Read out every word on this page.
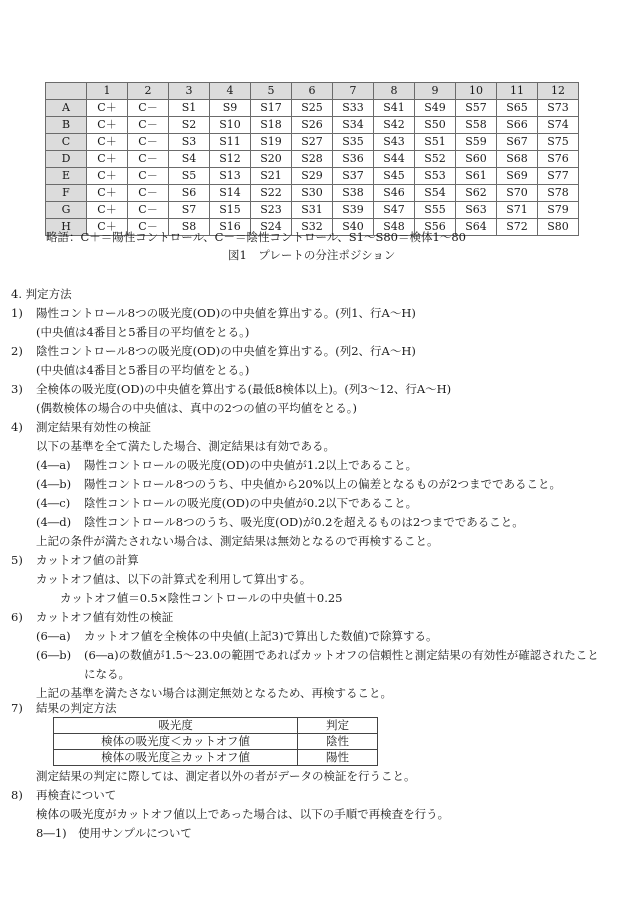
	1	2	3	4	5	6	7	8	9	10	11	12
A	C＋	C－	S1	S9	S17	S25	S33	S41	S49	S57	S65	S73
B	C＋	C－	S2	S10	S18	S26	S34	S42	S50	S58	S66	S74
C	C＋	C－	S3	S11	S19	S27	S35	S43	S51	S59	S67	S75
D	C＋	C－	S4	S12	S20	S28	S36	S44	S52	S60	S68	S76
E	C＋	C－	S5	S13	S21	S29	S37	S45	S53	S61	S69	S77
F	C＋	C－	S6	S14	S22	S30	S38	S46	S54	S62	S70	S78
G	C＋	C－	S7	S15	S23	S31	S39	S47	S55	S63	S71	S79
H	C＋	C－	S8	S16	S24	S32	S40	S48	S56	S64	S72	S80
略語：C＋＝陽性コントロール、C－＝陰性コントロール、S1～S80＝検体1～80
図1　プレートの分注ポジション
4. 判定方法
1) 陽性コントロール8つの吸光度(OD)の中央値を算出する。(列1、行A～H)
(中央値は4番目と5番目の平均値をとる。)
2) 陰性コントロール8つの吸光度(OD)の中央値を算出する。(列2、行A～H)
(中央値は4番目と5番目の平均値をとる。)
3) 全検体の吸光度(OD)の中央値を算出する(最低8検体以上)。(列3～12、行A～H)
(偶数検体の場合の中央値は、真中の2つの値の平均値をとる。)
4) 測定結果有効性の検証
以下の基準を全て満たした場合、測定結果は有効である。
(4―a) 陽性コントロールの吸光度(OD)の中央値が1.2以上であること。
(4―b) 陽性コントロール8つのうち、中央値から20%以上の偏差となるものが2つまでであること。
(4―c) 陰性コントロールの吸光度(OD)の中央値が0.2以下であること。
(4―d) 陰性コントロール8つのうち、吸光度(OD)が0.2を超えるものは2つまでであること。
上記の条件が満たされない場合は、測定結果は無効となるので再検すること。
5) カットオフ値の計算
カットオフ値は、以下の計算式を利用して算出する。
カットオフ値＝0.5×陰性コントロールの中央値＋0.25
6) カットオフ値有効性の検証
(6―a) カットオフ値を全検体の中央値(上記3)で算出した数値)で除算する。
(6―b) (6―a)の数値が1.5～23.0の範囲であればカットオフの信頼性と測定結果の有効性が確認されたこと
になる。
上記の基準を満たさない場合は測定無効となるため、再検すること。
7) 結果の判定方法
吸光度	判定
検体の吸光度＜カットオフ値	陰性
検体の吸光度≧カットオフ値	陽性
測定結果の判定に際しては、測定者以外の者がデータの検証を行うこと。
8) 再検査について
検体の吸光度がカットオフ値以上であった場合は、以下の手順で再検査を行う。
8―1)　使用サンプルについて
